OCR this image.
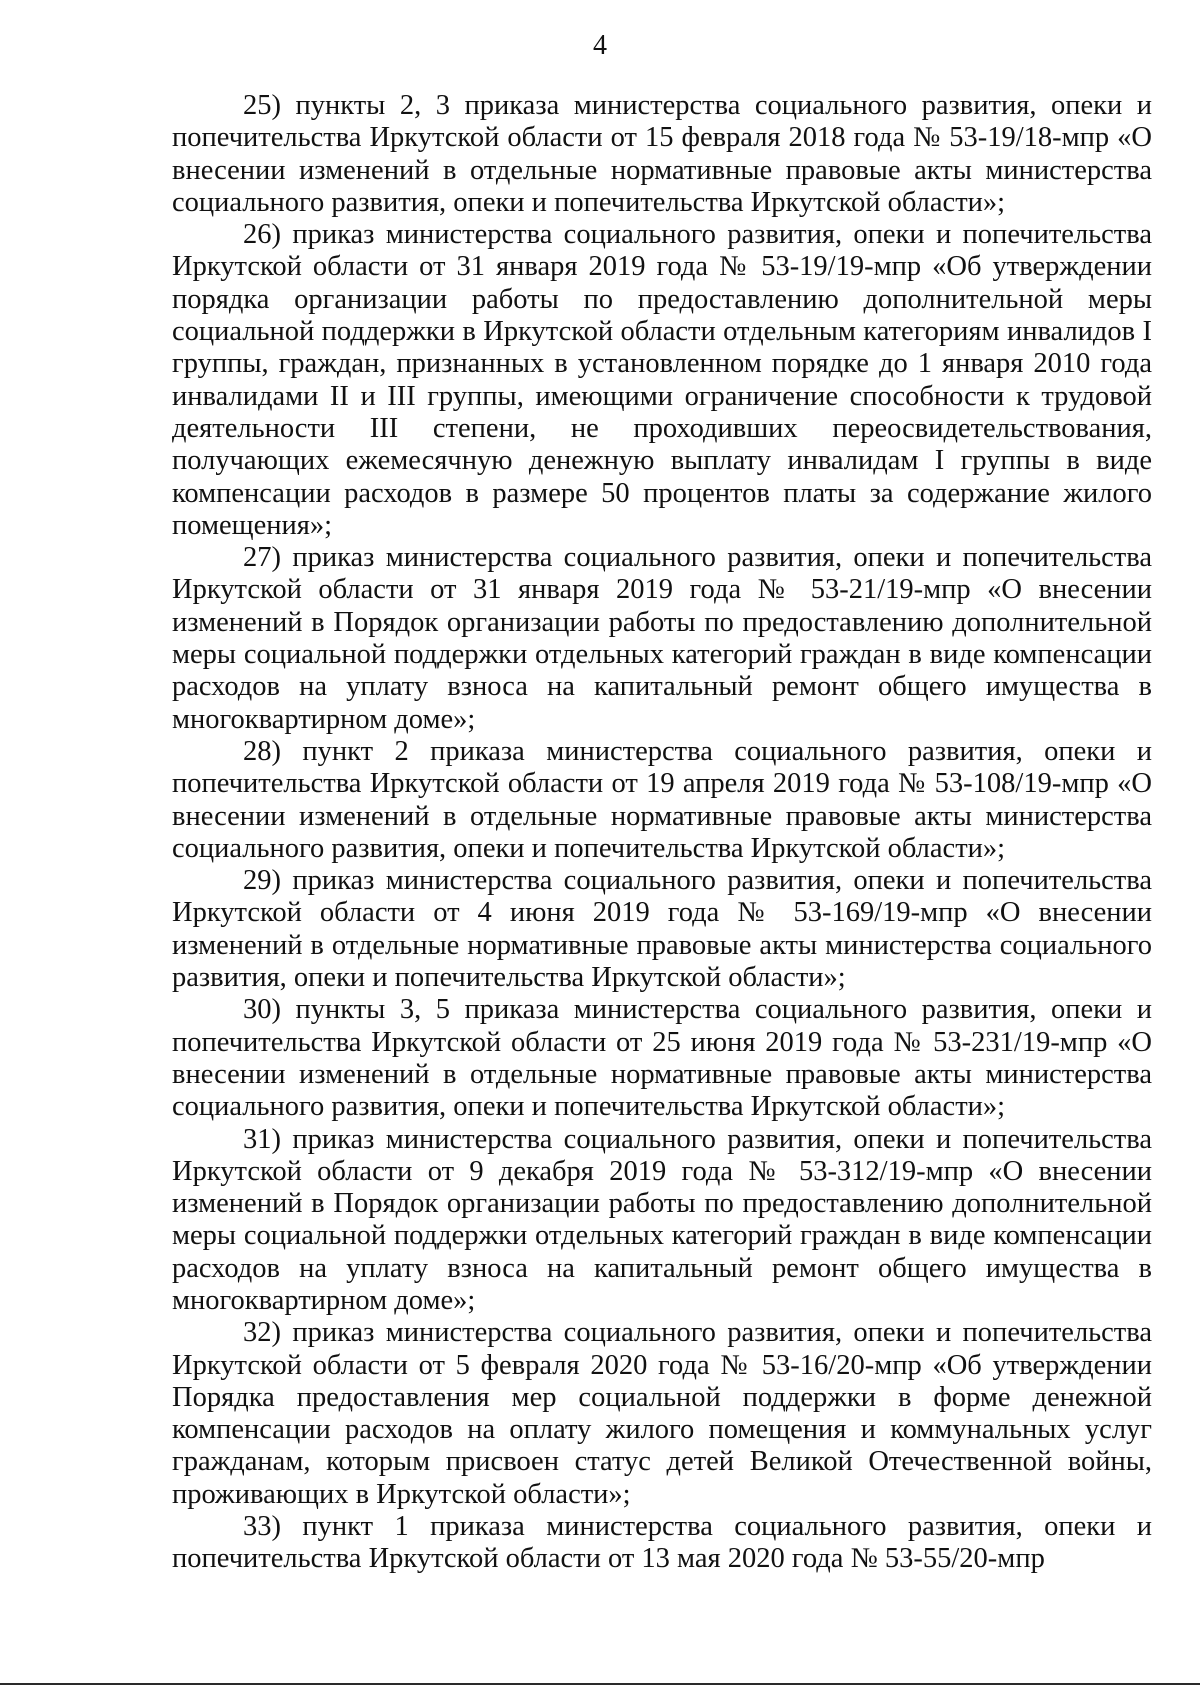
4

25) пункты 2, 3 приказа министерства социального развития, опеки и попечительства Иркутской области от 15 февраля 2018 года № 53-19/18-мпр «О внесении изменений в отдельные нормативные правовые акты министерства социального развития, опеки и попечительства Иркутской области»;

26) приказ министерства социального развития, опеки и попечительства Иркутской области от 31 января 2019 года № 53-19/19-мпр «Об утверждении порядка организации работы по предоставлению дополнительной меры социальной поддержки в Иркутской области отдельным категориям инвалидов I группы, граждан, признанных в установленном порядке до 1 января 2010 года инвалидами II и III группы, имеющими ограничение способности к трудовой деятельности III степени, не проходивших переосвидетельствования, получающих ежемесячную денежную выплату инвалидам I группы в виде компенсации расходов в размере 50 процентов платы за содержание жилого помещения»;

27) приказ министерства социального развития, опеки и попечительства Иркутской области от 31 января 2019 года № 53-21/19-мпр «О внесении изменений в Порядок организации работы по предоставлению дополнительной меры социальной поддержки отдельных категорий граждан в виде компенсации расходов на уплату взноса на капитальный ремонт общего имущества в многоквартирном доме»;

28) пункт 2 приказа министерства социального развития, опеки и попечительства Иркутской области от 19 апреля 2019 года № 53-108/19-мпр «О внесении изменений в отдельные нормативные правовые акты министерства социального развития, опеки и попечительства Иркутской области»;

29) приказ министерства социального развития, опеки и попечительства Иркутской области от 4 июня 2019 года № 53-169/19-мпр «О внесении изменений в отдельные нормативные правовые акты министерства социального развития, опеки и попечительства Иркутской области»;

30) пункты 3, 5 приказа министерства социального развития, опеки и попечительства Иркутской области от 25 июня 2019 года № 53-231/19-мпр «О внесении изменений в отдельные нормативные правовые акты министерства социального развития, опеки и попечительства Иркутской области»;

31) приказ министерства социального развития, опеки и попечительства Иркутской области от 9 декабря 2019 года № 53-312/19-мпр «О внесении изменений в Порядок организации работы по предоставлению дополнительной меры социальной поддержки отдельных категорий граждан в виде компенсации расходов на уплату взноса на капитальный ремонт общего имущества в многоквартирном доме»;

32) приказ министерства социального развития, опеки и попечительства Иркутской области от 5 февраля 2020 года № 53-16/20-мпр «Об утверждении Порядка предоставления мер социальной поддержки в форме денежной компенсации расходов на оплату жилого помещения и коммунальных услуг гражданам, которым присвоен статус детей Великой Отечественной войны, проживающих в Иркутской области»;

33) пункт 1 приказа министерства социального развития, опеки и попечительства Иркутской области от 13 мая 2020 года № 53-55/20-мпр
